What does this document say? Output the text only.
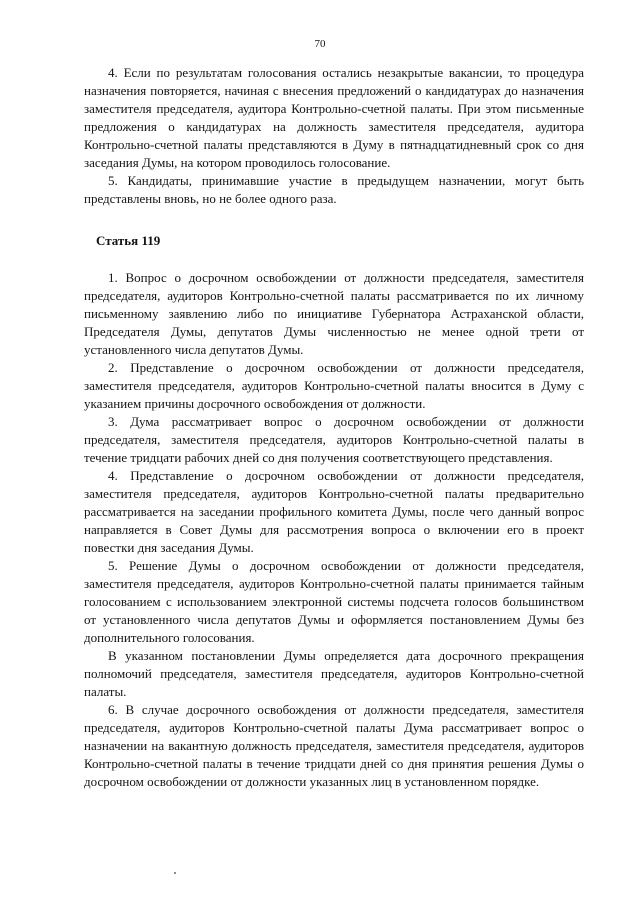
70

4. Если по результатам голосования остались незакрытые вакансии, то процедура назначения повторяется, начиная с внесения предложений о кандидатурах до назначения заместителя председателя, аудитора Контрольно-счетной палаты. При этом письменные предложения о кандидатурах на должность заместителя председателя, аудитора Контрольно-счетной палаты представляются в Думу в пятнадцатидневный срок со дня заседания Думы, на котором проводилось голосование.

5. Кандидаты, принимавшие участие в предыдущем назначении, могут быть представлены вновь, но не более одного раза.

Статья 119

1. Вопрос о досрочном освобождении от должности председателя, заместителя председателя, аудиторов Контрольно-счетной палаты рассматривается по их личному письменному заявлению либо по инициативе Губернатора Астраханской области, Председателя Думы, депутатов Думы численностью не менее одной трети от установленного числа депутатов Думы.

2. Представление о досрочном освобождении от должности председателя, заместителя председателя, аудиторов Контрольно-счетной палаты вносится в Думу с указанием причины досрочного освобождения от должности.

3. Дума рассматривает вопрос о досрочном освобождении от должности председателя, заместителя председателя, аудиторов Контрольно-счетной палаты в течение тридцати рабочих дней со дня получения соответствующего представления.

4. Представление о досрочном освобождении от должности председателя, заместителя председателя, аудиторов Контрольно-счетной палаты предварительно рассматривается на заседании профильного комитета Думы, после чего данный вопрос направляется в Совет Думы для рассмотрения вопроса о включении его в проект повестки дня заседания Думы.

5. Решение Думы о досрочном освобождении от должности председателя, заместителя председателя, аудиторов Контрольно-счетной палаты принимается тайным голосованием с использованием электронной системы подсчета голосов большинством от установленного числа депутатов Думы и оформляется постановлением Думы без дополнительного голосования.

В указанном постановлении Думы определяется дата досрочного прекращения полномочий председателя, заместителя председателя, аудиторов Контрольно-счетной палаты.

6. В случае досрочного освобождения от должности председателя, заместителя председателя, аудиторов Контрольно-счетной палаты Дума рассматривает вопрос о назначении на вакантную должность председателя, заместителя председателя, аудиторов Контрольно-счетной палаты в течение тридцати дней со дня принятия решения Думы о досрочном освобождении от должности указанных лиц в установленном порядке.
